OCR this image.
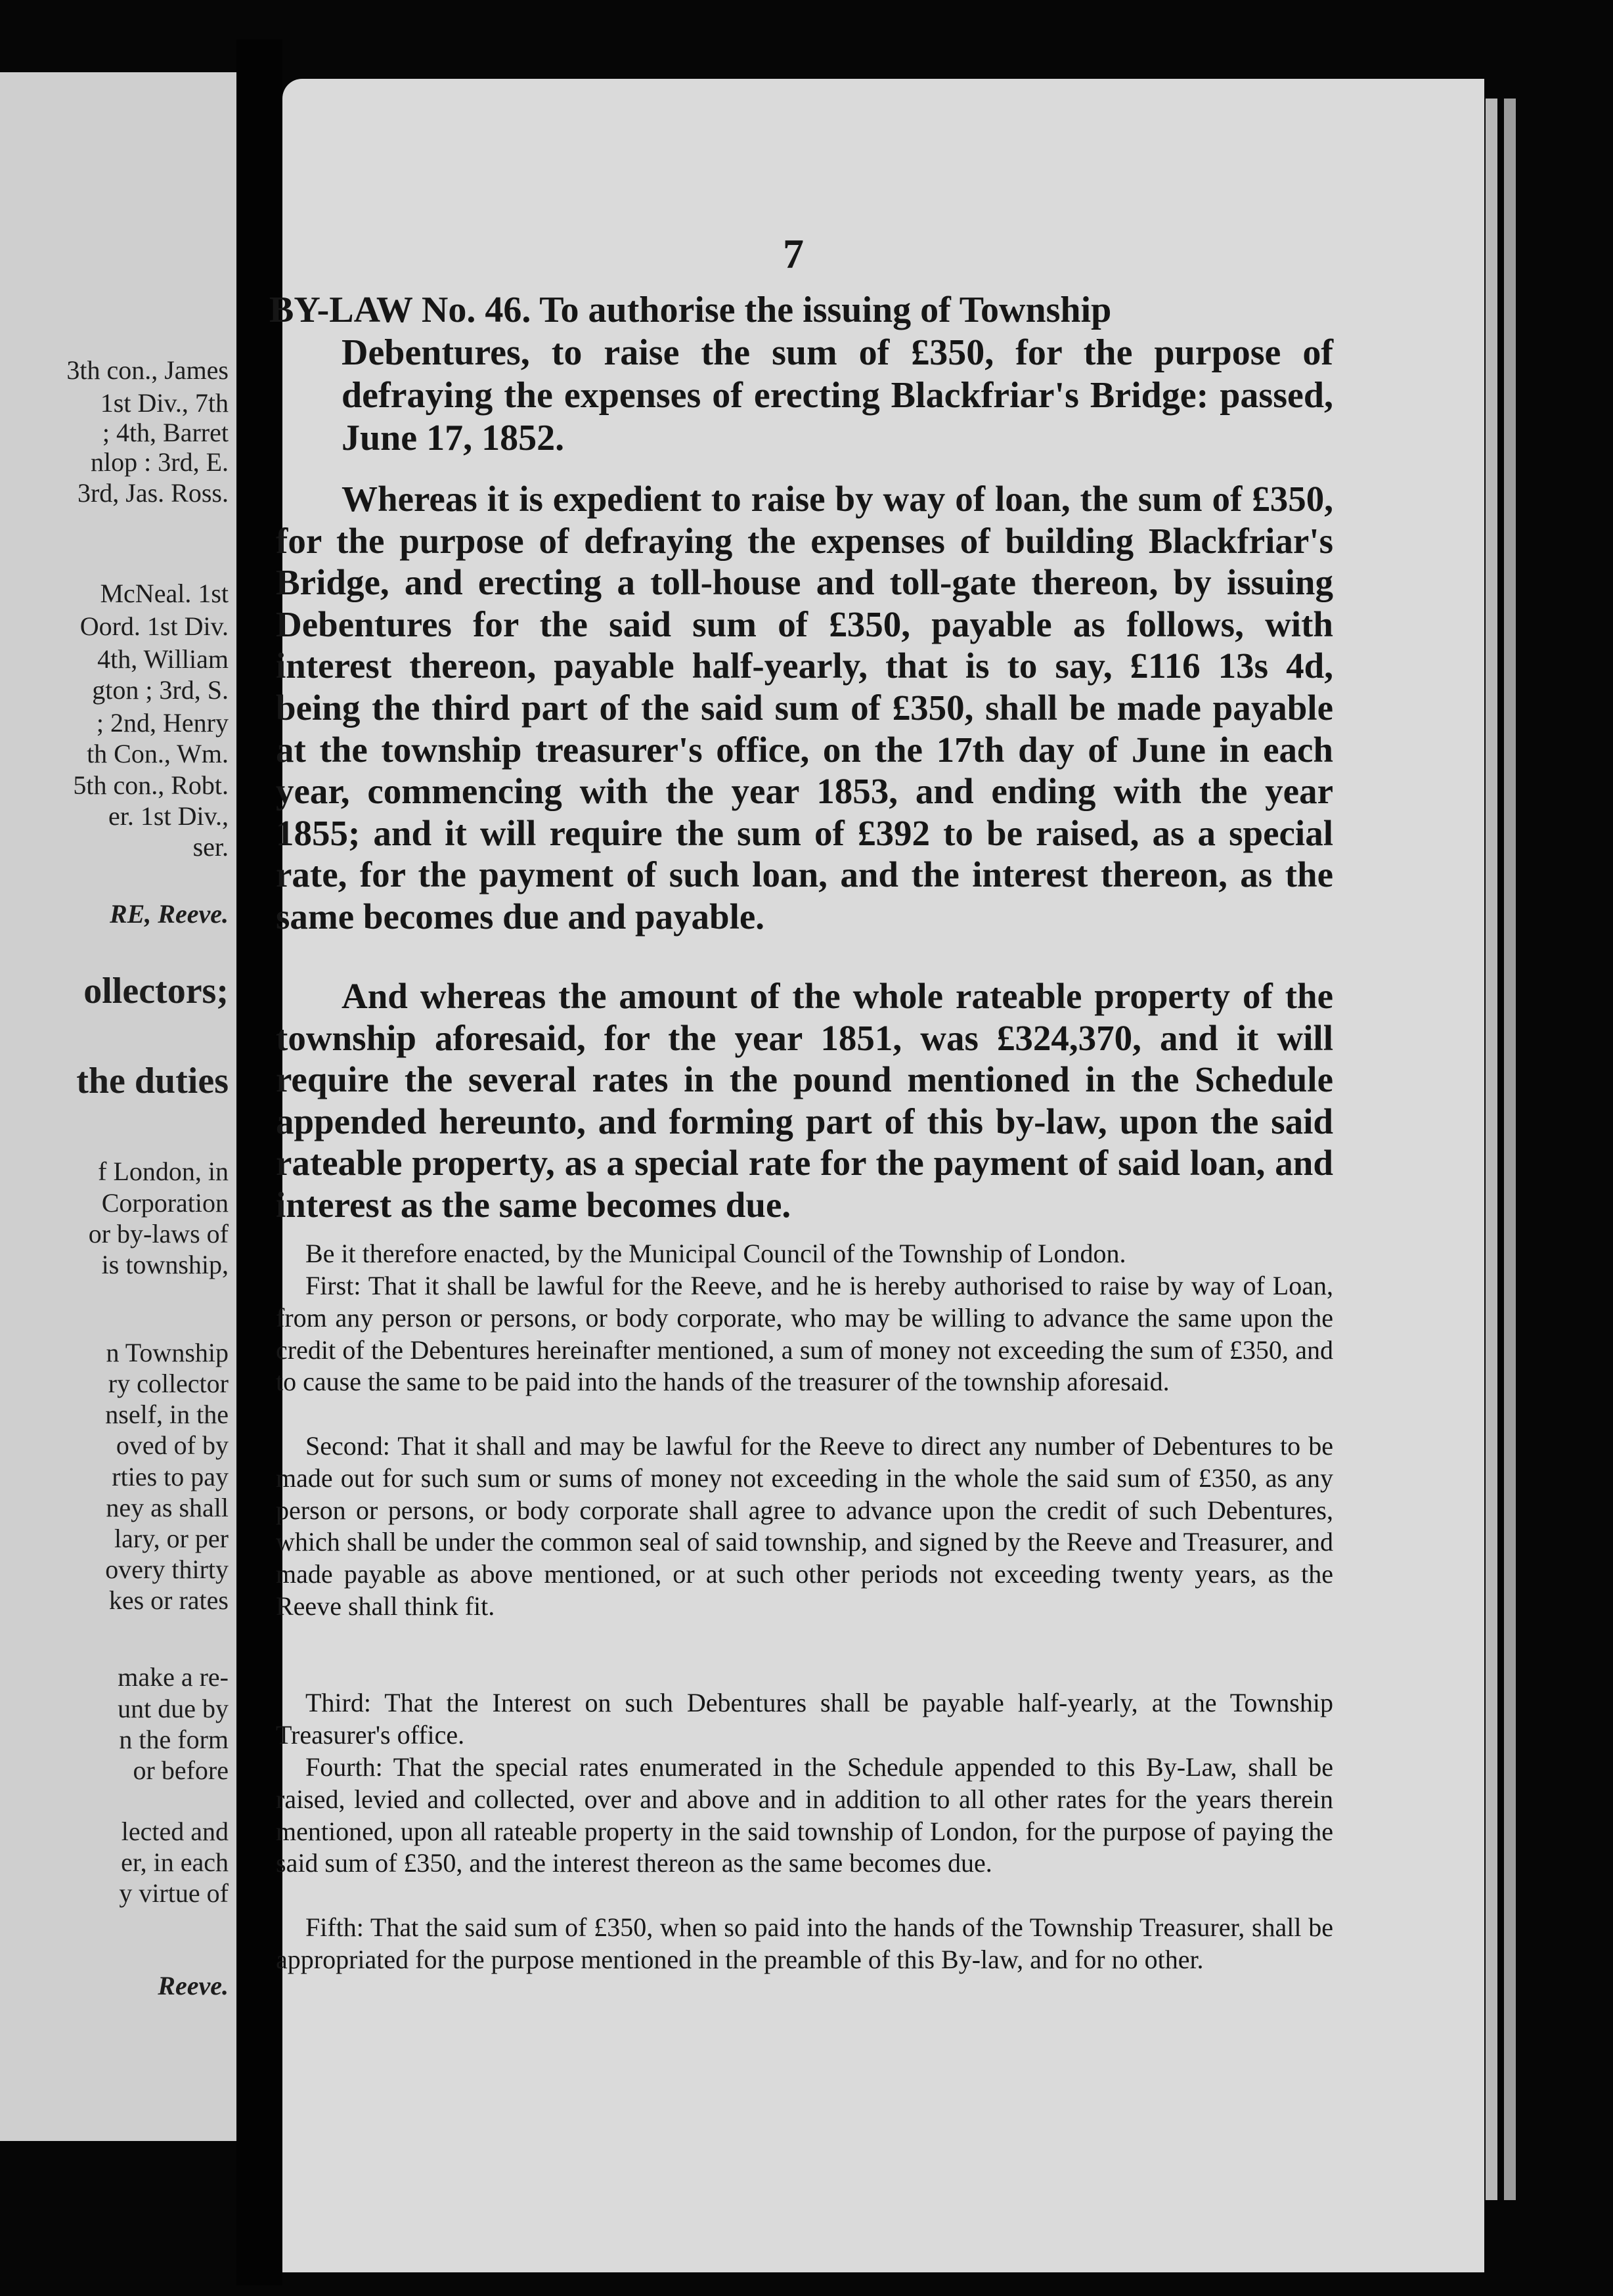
3th con., James
1st Div., 7th
; 4th, Barret
nlop : 3rd, E.
3rd, Jas. Ross.
McNeal. 1st
Oord. 1st Div.
4th, William
gton ; 3rd, S.
; 2nd, Henry
th Con., Wm.
5th con., Robt.
er. 1st Div.,
ser.
RE, Reeve.
ollectors;
the duties
f London, in
Corporation
or by-laws of
is township,
n Township
ry collector
nself, in the
oved of by
rties to pay
ney as shall
lary, or per
overy thirty
kes or rates
make a re-
unt due by
n the form
or before
lected and
er, in each
y virtue of
Reeve.
7
BY-LAW No. 46. To authorise the issuing of Township
Debentures, to raise the sum of £350, for the purpose of defraying the expenses of erecting Blackfriar's Bridge: passed, June 17, 1852.
Whereas it is expedient to raise by way of loan, the sum of £350, for the purpose of defraying the expenses of building Blackfriar's Bridge, and erecting a toll-house and toll-gate thereon, by issuing Debentures for the said sum of £350, payable as follows, with interest thereon, payable half-yearly, that is to say, £116 13s 4d, being the third part of the said sum of £350, shall be made payable at the township treasurer's office, on the 17th day of June in each year, commencing with the year 1853, and ending with the year 1855; and it will require the sum of £392 to be raised, as a special rate, for the payment of such loan, and the interest thereon, as the same becomes due and payable.
And whereas the amount of the whole rateable property of the township aforesaid, for the year 1851, was £324,370, and it will require the several rates in the pound mentioned in the Schedule appended hereunto, and forming part of this by-law, upon the said rateable property, as a special rate for the payment of said loan, and interest as the same becomes due.
Be it therefore enacted, by the Municipal Council of the Township of London.
First: That it shall be lawful for the Reeve, and he is hereby authorised to raise by way of Loan, from any person or persons, or body corporate, who may be willing to advance the same upon the credit of the Debentures hereinafter mentioned, a sum of money not exceeding the sum of £350, and to cause the same to be paid into the hands of the treasurer of the township aforesaid.
Second: That it shall and may be lawful for the Reeve to direct any number of Debentures to be made out for such sum or sums of money not exceeding in the whole the said sum of £350, as any person or persons, or body corporate shall agree to advance upon the credit of such Debentures, which shall be under the common seal of said township, and signed by the Reeve and Treasurer, and made payable as above mentioned, or at such other periods not exceeding twenty years, as the Reeve shall think fit.
Third: That the Interest on such Debentures shall be payable half-yearly, at the Township Treasurer's office.
Fourth: That the special rates enumerated in the Schedule appended to this By-Law, shall be raised, levied and collected, over and above and in addition to all other rates for the years therein mentioned, upon all rateable property in the said township of London, for the purpose of paying the said sum of £350, and the interest thereon as the same becomes due.
Fifth: That the said sum of £350, when so paid into the hands of the Township Treasurer, shall be appropriated for the purpose mentioned in the preamble of this By-law, and for no other.
